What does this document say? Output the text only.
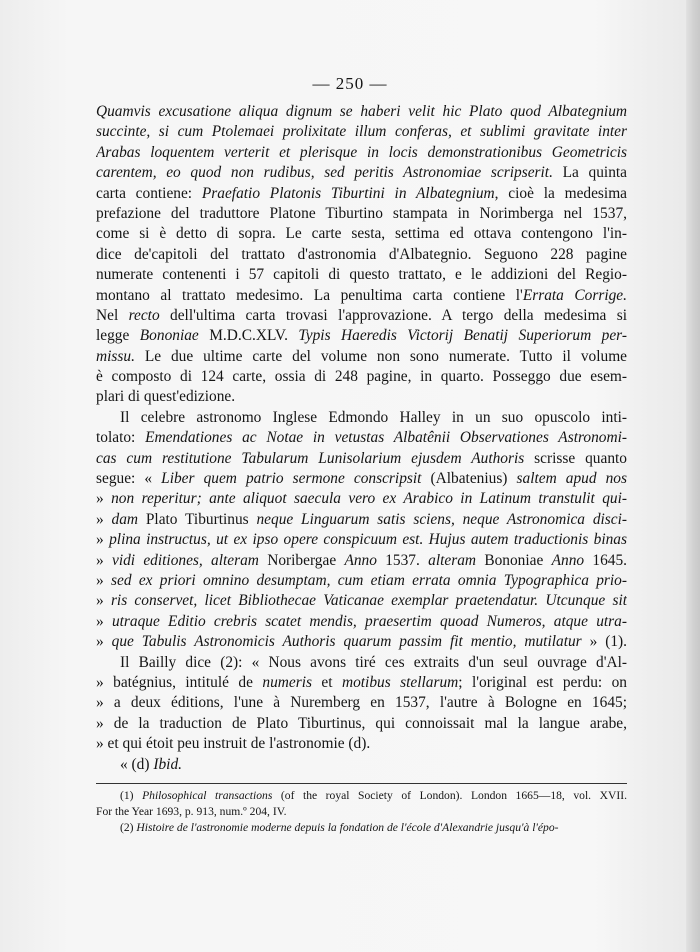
— 250 —
Quamvis excusatione aliqua dignum se haberi velit hic Plato quod Albategnium
succinte, si cum Ptolemaei prolixitate illum conferas, et sublimi gravitate inter
Arabas loquentem verterit et plerisque in locis demonstrationibus Geometricis
carentem, eo quod non rudibus, sed peritis Astronomiae scripserit. La quinta
carta contiene: Praefatio Platonis Tiburtini in Albategnium, cioè la medesima
prefazione del traduttore Platone Tiburtino stampata in Norimberga nel 1537,
come si è detto di sopra. Le carte sesta, settima ed ottava contengono l'in-
dice de'capitoli del trattato d'astronomia d'Albategnio. Seguono 228 pagine
numerate contenenti i 57 capitoli di questo trattato, e le addizioni del Regio-
montano al trattato medesimo. La penultima carta contiene l'Errata Corrige.
Nel recto dell'ultima carta trovasi l'approvazione. A tergo della medesima si
legge Bononiae M.D.C.XLV. Typis Haeredis Victorij Benatij Superiorum per-
missu. Le due ultime carte del volume non sono numerate. Tutto il volume
è composto di 124 carte, ossia di 248 pagine, in quarto. Posseggo due esem-
plari di quest'edizione.
Il celebre astronomo Inglese Edmondo Halley in un suo opuscolo inti-
tolato: Emendationes ac Notae in vetustas Albatênii Observationes Astronomi-
cas cum restitutione Tabularum Lunisolarium ejusdem Authoris scrisse quanto
segue: « Liber quem patrio sermone conscripsit (Albatenius) saltem apud nos
» non reperitur; ante aliquot saecula vero ex Arabico in Latinum transtulit qui-
» dam Plato Tiburtinus neque Linguarum satis sciens, neque Astronomica disci-
» plina instructus, ut ex ipso opere conspicuum est. Hujus autem traductionis binas
» vidi editiones, alteram Noribergae Anno 1537. alteram Bononiae Anno 1645.
» sed ex priori omnino desumptam, cum etiam errata omnia Typographica prio-
» ris conservet, licet Bibliothecae Vaticanae exemplar praetendatur. Utcunque sit
» utraque Editio crebris scatet mendis, praesertim quoad Numeros, atque utra-
» que Tabulis Astronomicis Authoris quarum passim fit mentio, mutilatur » (1).
Il Bailly dice (2): « Nous avons tiré ces extraits d'un seul ouvrage d'Al-
» batégnius, intitulé de numeris et motibus stellarum; l'original est perdu: on
» a deux éditions, l'une à Nuremberg en 1537, l'autre à Bologne en 1645;
» de la traduction de Plato Tiburtinus, qui connoissait mal la langue arabe,
» et qui étoit peu instruit de l'astronomie (d).
« (d) Ibid.
(1) Philosophical transactions (of the royal Society of London). London 1665—18, vol. XVII.
For the Year 1693, p. 913, num.º 204, IV.
(2) Histoire de l'astronomie moderne depuis la fondation de l'école d'Alexandrie jusqu'à l'épo-
